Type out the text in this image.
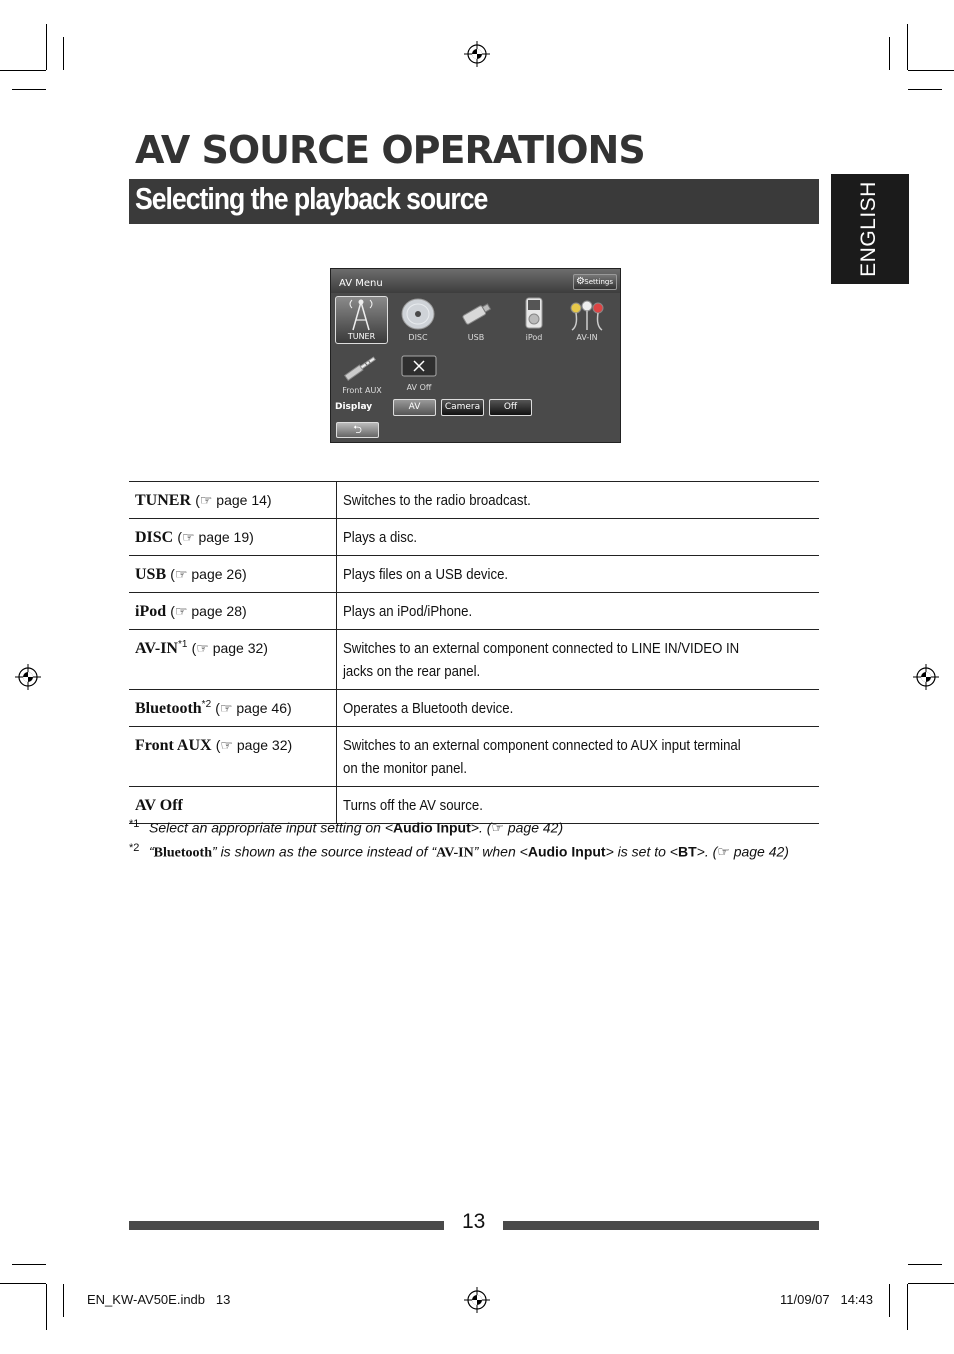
AV SOURCE OPERATIONS
Selecting the playback source	ENGLISH
AV Menu	⚙ Settings
TUNER	DISC	USB	iPod	AV-IN
Front AUX	AV Off
Display	AV	Camera	Off
⮌
TUNER (☞ page 14)	Switches to the radio broadcast.
DISC (☞ page 19)	Plays a disc.
USB (☞ page 26)	Plays files on a USB device.
iPod (☞ page 28)	Plays an iPod/iPhone.
AV-IN$^{*1}$ (☞ page 32)	Switches to an external component connected to LINE IN/VIDEO IN jacks on the rear panel.
Bluetooth$^{*2}$ (☞ page 46)	Operates a Bluetooth device.
Front AUX (☞ page 32)	Switches to an external component connected to AUX input terminal on the monitor panel.
AV Off	Turns off the AV source.
*1 Select an appropriate input setting on <Audio Input>. (☞ page 42)
*2 “Bluetooth” is shown as the source instead of “AV-IN” when <Audio Input> is set to <BT>. (☞ page 42)
13
EN_KW-AV50E.indb   13	11/09/07   14:43
